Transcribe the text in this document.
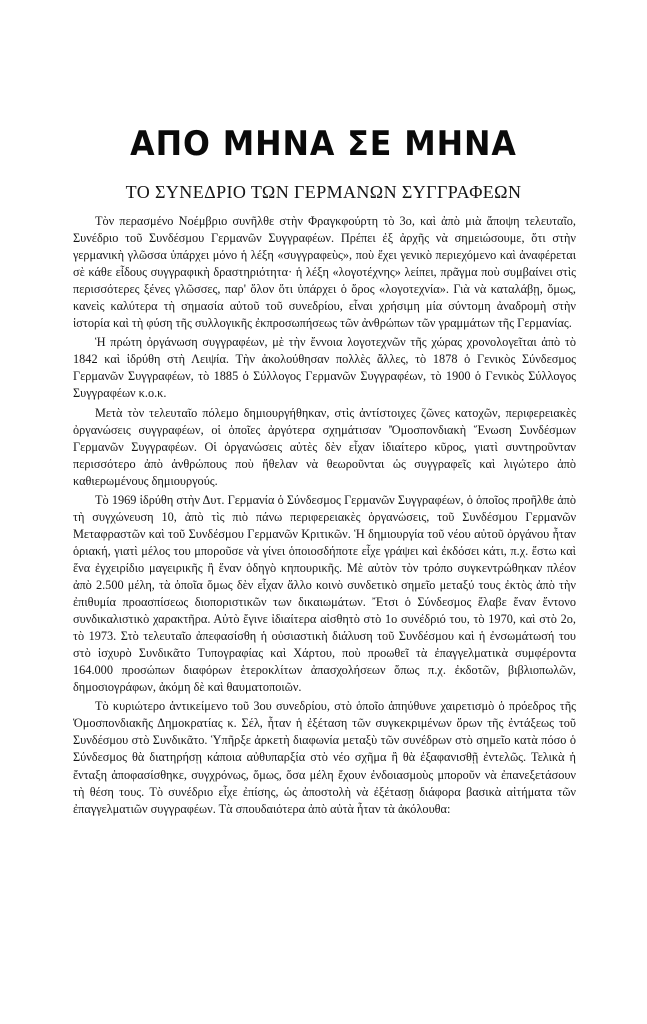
ΑΠΟ ΜΗΝΑ ΣΕ ΜΗΝΑ
ΤΟ ΣΥΝΕΔΡΙΟ ΤΩΝ ΓΕΡΜΑΝΩΝ ΣΥΓΓΡΑΦΕΩΝ

Τὸν περασμένο Νοέμβριο συνῆλθε στὴν Φραγκφούρτη τὸ 3ο, καὶ ἀπὸ μιὰ ἄποψη τελευταῖο, Συνέδριο τοῦ Συνδέσμου Γερμανῶν Συγγραφέων. Πρέπει ἐξ ἀρχῆς νὰ σημειώσουμε, ὅτι στὴν γερμανικὴ γλῶσσα ὑπάρχει μόνο ἡ λέξη «συγγραφεὺς», ποὺ ἔχει γενικὸ περιεχόμενο καὶ ἀναφέρεται σὲ κάθε εἶδους συγγραφικὴ δραστηριότητα· ἡ λέξη «λογοτέχνης» λείπει, πρᾶγμα ποὺ συμβαίνει στὶς περισσότερες ξένες γλῶσσες, παρ' ὅλον ὅτι ὑπάρχει ὁ ὅρος «λογοτεχνία». Γιὰ νὰ καταλάβῃ, ὅμως, κανεὶς καλύτερα τὴ σημασία αὐτοῦ τοῦ συνεδρίου, εἶναι χρήσιμη μία σύντομη ἀναδρομὴ στὴν ἱστορία καὶ τὴ φύση τῆς συλλογικῆς ἐκπροσωπήσεως τῶν ἀνθρώπων τῶν γραμμάτων τῆς Γερμανίας.

Ἡ πρώτη ὀργάνωση συγγραφέων, μὲ τὴν ἔννοια λογοτεχνῶν τῆς χώρας χρονολογεῖται ἀπὸ τὸ 1842 καὶ ἱδρύθη στὴ Λειψία. Τὴν ἀκολούθησαν πολλὲς ἄλλες, τὸ 1878 ὁ Γενικὸς Σύνδεσμος Γερμανῶν Συγγραφέων, τὸ 1885 ὁ Σύλλογος Γερμανῶν Συγγραφέων, τὸ 1900 ὁ Γενικὸς Σύλλογος Συγγραφέων κ.ο.κ.

Μετὰ τὸν τελευταῖο πόλεμο δημιουργήθηκαν, στὶς ἀντίστοιχες ζῶνες κατοχῶν, περιφερειακὲς ὀργανώσεις συγγραφέων, οἱ ὁποῖες ἀργότερα σχημάτισαν 'Ὁμοσπονδιακὴ Ἕνωση Συνδέσμων Γερμανῶν Συγγραφέων. Οἱ ὀργανώσεις αὐτὲς δὲν εἶχαν ἰδιαίτερο κῦρος, γιατὶ συντηροῦνταν περισσότερο ἀπὸ ἀνθρώπους ποὺ ἤθελαν νὰ θεωροῦνται ὡς συγγραφεῖς καὶ λιγώτερο ἀπὸ καθιερωμένους δημιουργούς.

Τὸ 1969 ἱδρύθη στὴν Δυτ. Γερμανία ὁ Σύνδεσμος Γερμανῶν Συγγραφέων, ὁ ὁποῖος προῆλθε ἀπὸ τὴ συγχώνευση 10, ἀπὸ τὶς πιὸ πάνω περιφερειακὲς ὀργανώσεις, τοῦ Συνδέσμου Γερμανῶν Μεταφραστῶν καὶ τοῦ Συνδέσμου Γερμανῶν Κριτικῶν. Ἡ δημιουργία τοῦ νέου αὐτοῦ ὀργάνου ἦταν ὁριακή, γιατὶ μέλος του μποροῦσε νὰ γίνει ὁποιοσδήποτε εἶχε γράψει καὶ ἐκδόσει κάτι, π.χ. ἔστω καὶ ἕνα ἐγχειρίδιο μαγειρικῆς ἢ ἕναν ὁδηγὸ κηπουρικῆς. Μὲ αὐτὸν τὸν τρόπο συγκεντρώθηκαν πλέον ἀπὸ 2.500 μέλη, τὰ ὁποῖα ὅμως δὲν εἶχαν ἄλλο κοινὸ συνδετικὸ σημεῖο μεταξύ τους ἐκτὸς ἀπὸ τὴν ἐπιθυμία προασπίσεως διοποριστικῶν των δικαιωμάτων. Ἔτσι ὁ Σύνδεσμος ἔλαβε ἕναν ἔντονο συνδικαλιστικὸ χαρακτῆρα. Αὐτὸ ἔγινε ἰδιαίτερα αἰσθητὸ στὸ 1ο συνέδριό του, τὸ 1970, καὶ στὸ 2ο, τὸ 1973. Στὸ τελευταῖο ἀπεφασίσθη ἡ οὐσιαστικὴ διάλυση τοῦ Συνδέσμου καὶ ἡ ἐνσωμάτωσή του στὸ ἰσχυρὸ Συνδικᾶτο Τυπογραφίας καὶ Χάρτου, ποὺ προωθεῖ τὰ ἐπαγγελματικὰ συμφέροντα 164.000 προσώπων διαφόρων ἑτεροκλίτων ἀπασχολήσεων ὅπως π.χ. ἐκδοτῶν, βιβλιοπωλῶν, δημοσιογράφων, ἀκόμη δὲ καὶ θαυματοποιῶν.

Τὸ κυριώτερο ἀντικείμενο τοῦ 3ου συνεδρίου, στὸ ὁποῖο ἀπηύθυνε χαιρετισμὸ ὁ πρόεδρος τῆς Ὁμοσπονδιακῆς Δημοκρατίας κ. Σέλ, ἦταν ἡ ἐξέταση τῶν συγκεκριμένων ὅρων τῆς ἐντάξεως τοῦ Συνδέσμου στὸ Συνδικᾶτο. Ὑπῆρξε ἀρκετὴ διαφωνία μεταξὺ τῶν συνέδρων στὸ σημεῖο κατὰ πόσο ὁ Σύνδεσμος θὰ διατηρήσῃ κάποια αὐθυπαρξία στὸ νέο σχῆμα ἢ θὰ ἐξαφανισθῇ ἐντελῶς. Τελικὰ ἡ ἔνταξη ἀποφασίσθηκε, συγχρόνως, ὅμως, ὅσα μέλη ἔχουν ἐνδοιασμοὺς μποροῦν νὰ ἐπανεξετάσουν τὴ θέση τους. Τὸ συνέδριο εἶχε ἐπίσης, ὡς ἀποστολὴ νὰ ἐξέτασῃ διάφορα βασικὰ αἰτήματα τῶν ἐπαγγελματιῶν συγγραφέων. Τὰ σπουδαιότερα ἀπὸ αὐτὰ ἦταν τὰ ἀκόλουθα:
